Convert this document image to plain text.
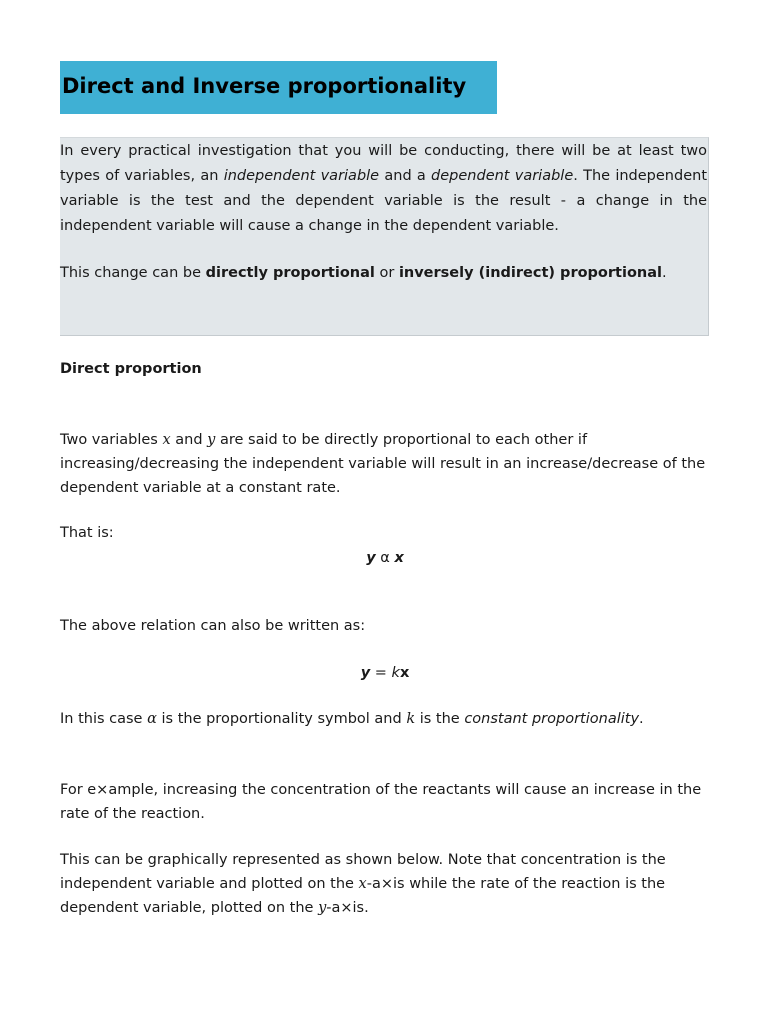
Direct and Inverse proportionality

In every practical investigation that you will be conducting, there will be at least two types of variables, an independent variable and a dependent variable. The independent variable is the test and the dependent variable is the result - a change in the independent variable will cause a change in the dependent variable.

This change can be directly proportional or inversely (indirect) proportional.

Direct proportion

Two variables x and y are said to be directly proportional to each other if increasing/decreasing the independent variable will result in an increase/decrease of the dependent variable at a constant rate.

That is:

y α x

The above relation can also be written as:

y = kx

In this case α is the proportionality symbol and k is the constant proportionality.

For e×ample, increasing the concentration of the reactants will cause an increase in the rate of the reaction.

This can be graphically represented as shown below. Note that concentration is the independent variable and plotted on the x-a×is while the rate of the reaction is the dependent variable, plotted on the y-a×is.
